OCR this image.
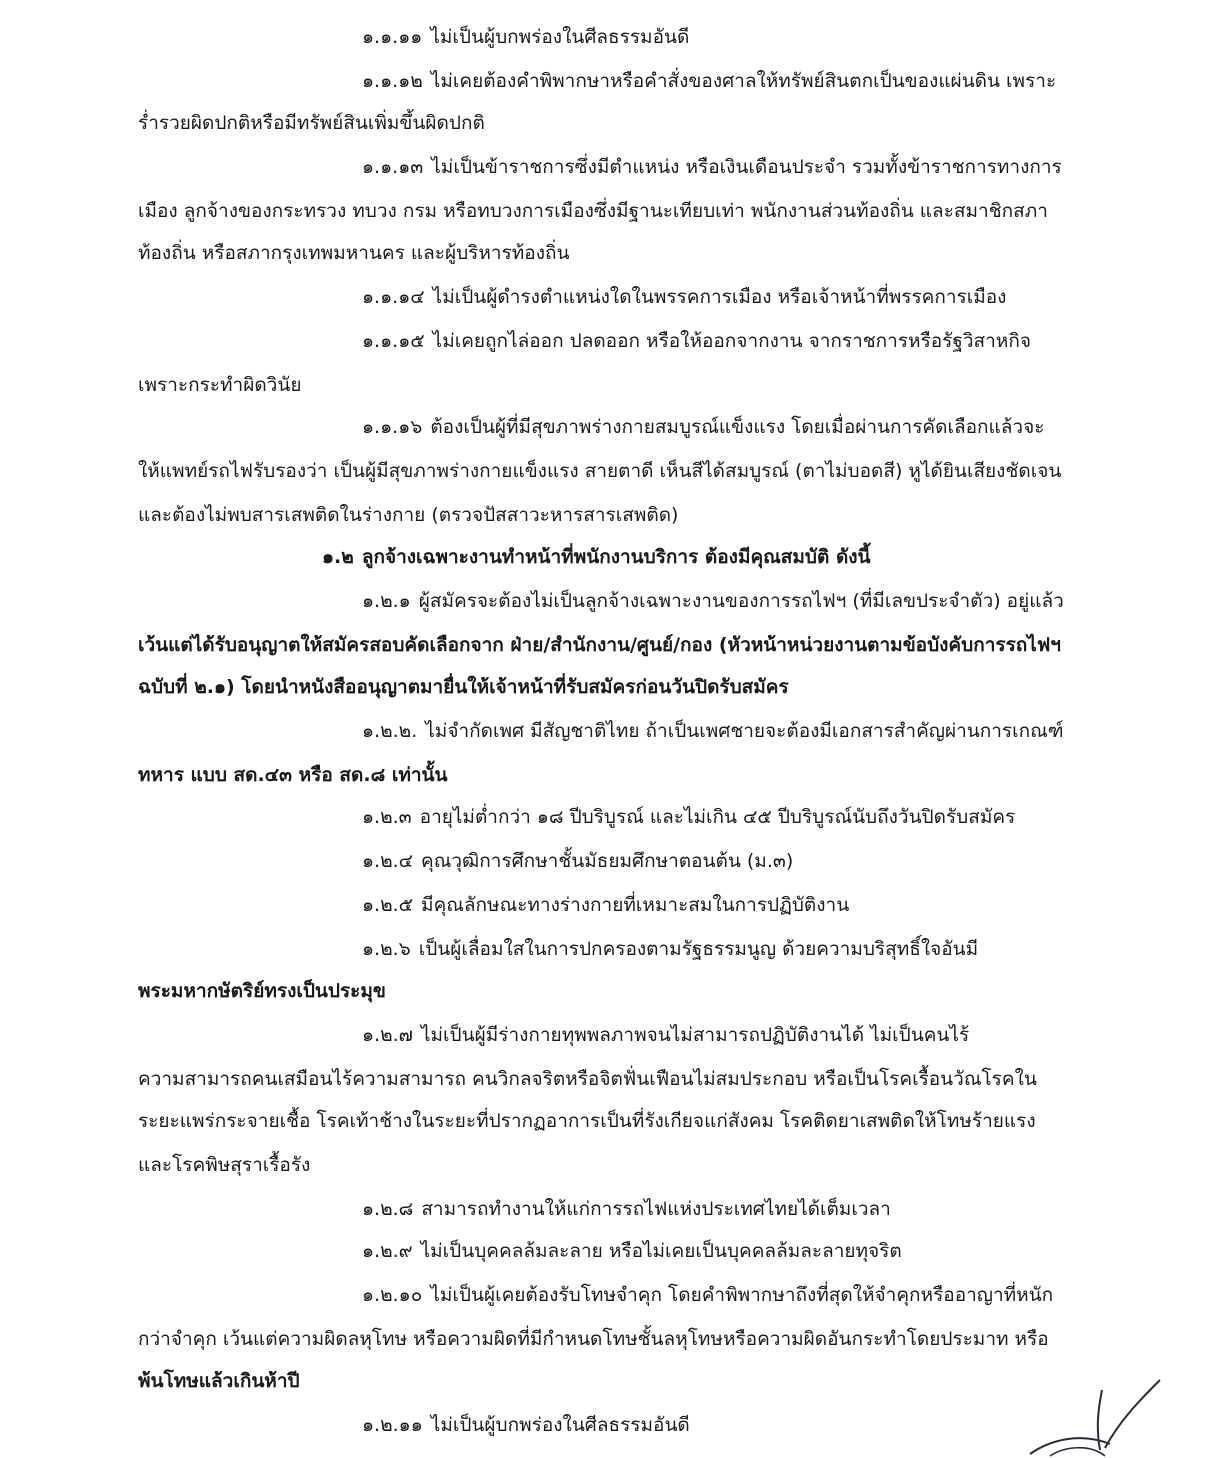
๑.๑.๑๑ ไม่เป็นผู้บกพร่องในศีลธรรมอันดี
๑.๑.๑๒ ไม่เคยต้องคำพิพากษาหรือคำสั่งของศาลให้ทรัพย์สินตกเป็นของแผ่นดิน เพราะ
ร่ำรวยผิดปกติหรือมีทรัพย์สินเพิ่มขึ้นผิดปกติ
๑.๑.๑๓ ไม่เป็นข้าราชการซึ่งมีตำแหน่ง หรือเงินเดือนประจำ รวมทั้งข้าราชการทางการ
เมือง ลูกจ้างของกระทรวง ทบวง กรม หรือทบวงการเมืองซึ่งมีฐานะเทียบเท่า พนักงานส่วนท้องถิ่น และสมาชิกสภา
ท้องถิ่น หรือสภากรุงเทพมหานคร และผู้บริหารท้องถิ่น
๑.๑.๑๔ ไม่เป็นผู้ดำรงตำแหน่งใดในพรรคการเมือง หรือเจ้าหน้าที่พรรคการเมือง
๑.๑.๑๕ ไม่เคยถูกไล่ออก ปลดออก หรือให้ออกจากงาน จากราชการหรือรัฐวิสาหกิจ
เพราะกระทำผิดวินัย
๑.๑.๑๖ ต้องเป็นผู้ที่มีสุขภาพร่างกายสมบูรณ์แข็งแรง โดยเมื่อผ่านการคัดเลือกแล้วจะ
ให้แพทย์รถไฟรับรองว่า เป็นผู้มีสุขภาพร่างกายแข็งแรง สายตาดี เห็นสีได้สมบูรณ์ (ตาไม่บอดสี) หูได้ยินเสียงชัดเจน
และต้องไม่พบสารเสพติดในร่างกาย (ตรวจปัสสาวะหารสารเสพติด)
๑.๒ ลูกจ้างเฉพาะงานทำหน้าที่พนักงานบริการ ต้องมีคุณสมบัติ ดังนี้
๑.๒.๑ ผู้สมัครจะต้องไม่เป็นลูกจ้างเฉพาะงานของการรถไฟฯ (ที่มีเลขประจำตัว) อยู่แล้ว
เว้นแต่ได้รับอนุญาตให้สมัครสอบคัดเลือกจาก ฝ่าย/สำนักงาน/ศูนย์/กอง (หัวหน้าหน่วยงานตามข้อบังคับการรถไฟฯ
ฉบับที่ ๒.๑) โดยนำหนังสืออนุญาตมายื่นให้เจ้าหน้าที่รับสมัครก่อนวันปิดรับสมัคร
๑.๒.๒. ไม่จำกัดเพศ มีสัญชาติไทย ถ้าเป็นเพศชายจะต้องมีเอกสารสำคัญผ่านการเกณฑ์
ทหาร แบบ สด.๔๓ หรือ สด.๘ เท่านั้น
๑.๒.๓ อายุไม่ต่ำกว่า ๑๘ ปีบริบูรณ์ และไม่เกิน ๔๕ ปีบริบูรณ์นับถึงวันปิดรับสมัคร
๑.๒.๔ คุณวุฒิการศึกษาชั้นมัธยมศึกษาตอนต้น (ม.๓)
๑.๒.๕ มีคุณลักษณะทางร่างกายที่เหมาะสมในการปฏิบัติงาน
๑.๒.๖ เป็นผู้เลื่อมใสในการปกครองตามรัฐธรรมนูญ ด้วยความบริสุทธิ์ใจอันมี
พระมหากษัตริย์ทรงเป็นประมุข
๑.๒.๗ ไม่เป็นผู้มีร่างกายทุพพลภาพจนไม่สามารถปฏิบัติงานได้ ไม่เป็นคนไร้
ความสามารถคนเสมือนไร้ความสามารถ คนวิกลจริตหรือจิตฟั่นเฟือนไม่สมประกอบ หรือเป็นโรคเรื้อนวัณโรคใน
ระยะแพร่กระจายเชื้อ โรคเท้าช้างในระยะที่ปรากฏอาการเป็นที่รังเกียจแก่สังคม โรคติดยาเสพติดให้โทษร้ายแรง
และโรคพิษสุราเรื้อรัง
๑.๒.๘ สามารถทำงานให้แก่การรถไฟแห่งประเทศไทยได้เต็มเวลา
๑.๒.๙ ไม่เป็นบุคคลล้มละลาย หรือไม่เคยเป็นบุคคลล้มละลายทุจริต
๑.๒.๑๐ ไม่เป็นผู้เคยต้องรับโทษจำคุก โดยคำพิพากษาถึงที่สุดให้จำคุกหรืออาญาที่หนัก
กว่าจำคุก เว้นแต่ความผิดลหุโทษ หรือความผิดที่มีกำหนดโทษชั้นลหุโทษหรือความผิดอันกระทำโดยประมาท หรือ
พ้นโทษแล้วเกินห้าปี
๑.๒.๑๑ ไม่เป็นผู้บกพร่องในศีลธรรมอันดี
